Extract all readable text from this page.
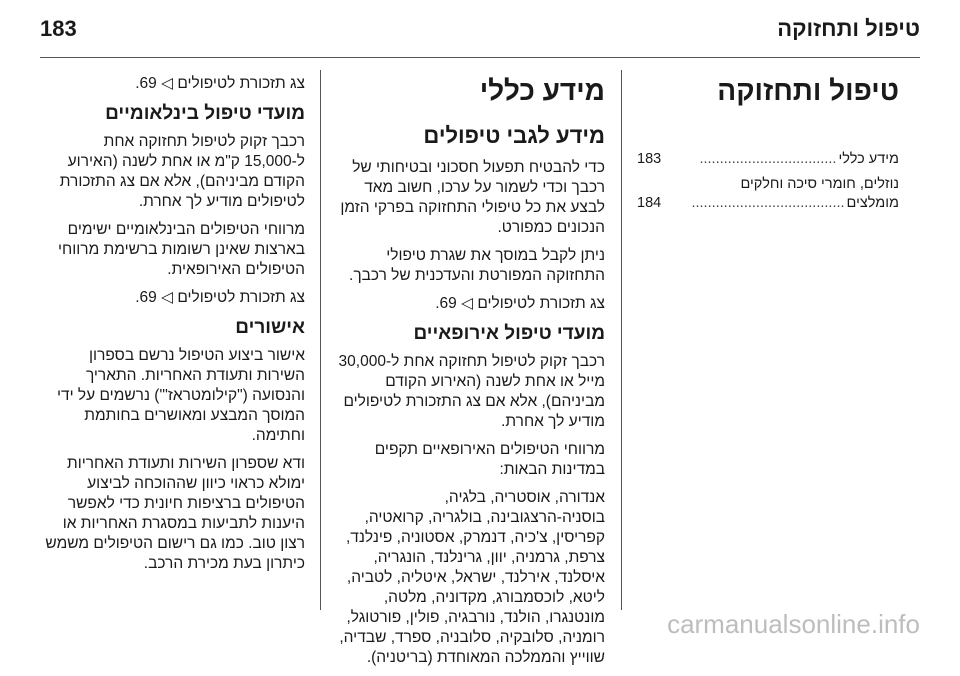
183	טיפול ותחזוקה
טיפול ותחזוקה
מידע כללי
..................................
183
נוזלים, חומרי סיכה וחלקים
מומלצים
......................................
184
מידע כללי
מידע לגבי טיפולים

כדי להבטיח תפעול חסכוני ובטיחותי של רכבך וכדי לשמור על ערכו, חשוב מאד לבצע את כל טיפולי התחזוקה בפרקי הזמן הנכונים כמפורט.

ניתן לקבל במוסך את שגרת טיפולי התחזוקה המפורטת והעדכנית של רכבך.

צג תזכורת לטיפולים ◁ 69.

מועדי טיפול אירופאיים

רכבך זקוק לטיפול תחזוקה אחת ל-30,000 מייל או אחת לשנה (האירוע הקודם מביניהם), אלא אם צג התזכורת לטיפולים מודיע לך אחרת.

מרווחי הטיפולים האירופאיים תקפים במדינות הבאות:

אנדורה, אוסטריה, בלגיה, בוסניה-הרצגובינה, בולגריה, קרואטיה, קפריסין, צ'כיה, דנמרק, אסטוניה, פינלנד, צרפת, גרמניה, יוון, גרינלנד, הונגריה, איסלנד, אירלנד, ישראל, איטליה, לטביה, ליטא, לוכסמבורג, מקדוניה, מלטה, מונטנגרו, הולנד, נורבגיה, פולין, פורטוגל, רומניה, סלובקיה, סלובניה, ספרד, שבדיה, שווייץ והממלכה המאוחדת (בריטניה).

צג תזכורת לטיפולים ◁ 69.

מועדי טיפול בינלאומיים

רכבך זקוק לטיפול תחזוקה אחת ל-15,000 ק"מ או אחת לשנה (האירוע הקודם מביניהם), אלא אם צג התזכורת לטיפולים מודיע לך אחרת.

מרווחי הטיפולים הבינלאומיים ישימים בארצות שאינן רשומות ברשימת מרווחי הטיפולים האירופאית.

צג תזכורת לטיפולים ◁ 69.

אישורים

אישור ביצוע הטיפול נרשם בספרון השירות ותעודת האחריות. התאריך והנסועה ("קילומטראז'") נרשמים על ידי המוסך המבצע ומאושרים בחותמת וחתימה.

ודא שספרון השירות ותעודת האחריות ימולא כראוי כיוון שההוכחה לביצוע הטיפולים ברציפות חיונית כדי לאפשר היענות לתביעות במסגרת האחריות או רצון טוב. כמו גם רישום הטיפולים משמש כיתרון בעת מכירת הרכב.

carmanualsonline.info
